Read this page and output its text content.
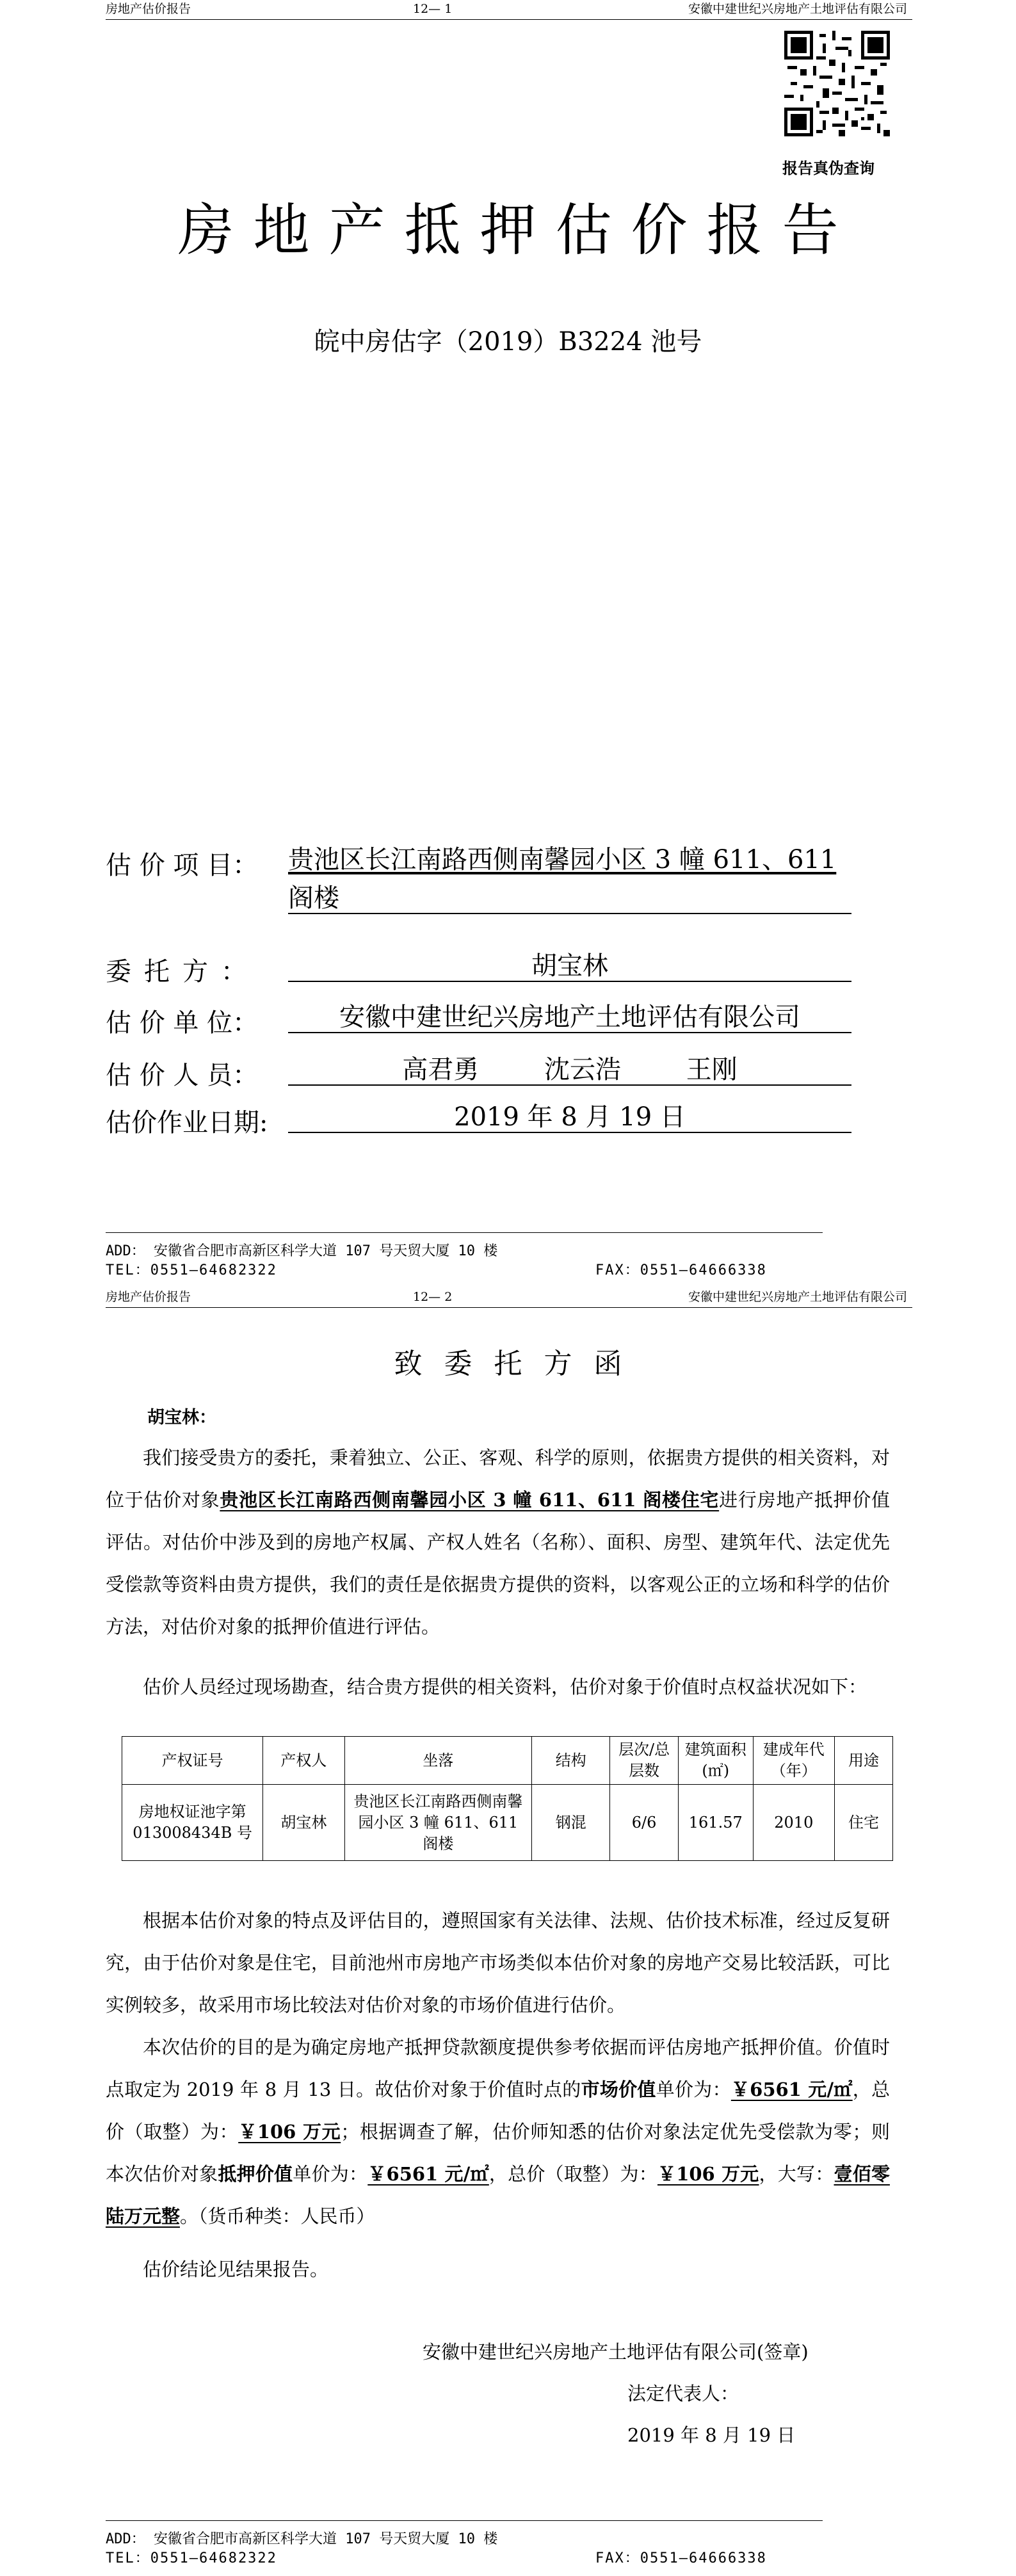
房地产估价报告	12— 1	安徽中建世纪兴房地产土地评估有限公司
报告真伪查询
房地产抵押估价报告
皖中房估字（2019）B3224 池号
估 价 项 目： 贵池区长江南路西侧南馨园小区 3 幢 611、611
阁楼
委托方：	胡宝林
估 价 单 位：	安徽中建世纪兴房地产土地评估有限公司
估 价 人 员：	高君勇        沈云浩        王刚
估价作业日期:	2019 年 8 月 19 日
ADD： 安徽省合肥市高新区科学大道 107 号天贸大厦 10 楼
TEL：0551—64682322	FAX：0551—64666338
房地产估价报告	12— 2	安徽中建世纪兴房地产土地评估有限公司
致委托方函
胡宝林：
我们接受贵方的委托，秉着独立、公正、客观、科学的原则，依据贵方提供的相关资料，对位于估价对象贵池区长江南路西侧南馨园小区 3 幢 611、611 阁楼住宅进行房地产抵押价值评估。对估价中涉及到的房地产权属、产权人姓名（名称）、面积、房型、建筑年代、法定优先受偿款等资料由贵方提供，我们的责任是依据贵方提供的资料，以客观公正的立场和科学的估价方法，对估价对象的抵押价值进行评估。
估价人员经过现场勘查，结合贵方提供的相关资料，估价对象于价值时点权益状况如下：
产权证号	产权人	坐落	结构	层次/总层数	建筑面积(㎡)	建成年代（年）	用途
房地权证池字第 013008434B 号	胡宝林	贵池区长江南路西侧南馨园小区 3 幢 611、611 阁楼	钢混	6/6	161.57	2010	住宅
根据本估价对象的特点及评估目的，遵照国家有关法律、法规、估价技术标准，经过反复研究，由于估价对象是住宅，目前池州市房地产市场类似本估价对象的房地产交易比较活跃，可比实例较多，故采用市场比较法对估价对象的市场价值进行估价。
本次估价的目的是为确定房地产抵押贷款额度提供参考依据而评估房地产抵押价值。价值时点取定为 2019 年 8 月 13 日。故估价对象于价值时点的市场价值单价为：￥6561 元/㎡，总价（取整）为：￥106 万元；根据调查了解，估价师知悉的估价对象法定优先受偿款为零；则本次估价对象抵押价值单价为：￥6561 元/㎡，总价（取整）为：￥106 万元，大写：壹佰零陆万元整。（货币种类：人民币）
估价结论见结果报告。
安徽中建世纪兴房地产土地评估有限公司(签章)
法定代表人：
2019 年 8 月 19 日
ADD： 安徽省合肥市高新区科学大道 107 号天贸大厦 10 楼
TEL：0551—64682322	FAX：0551—64666338
